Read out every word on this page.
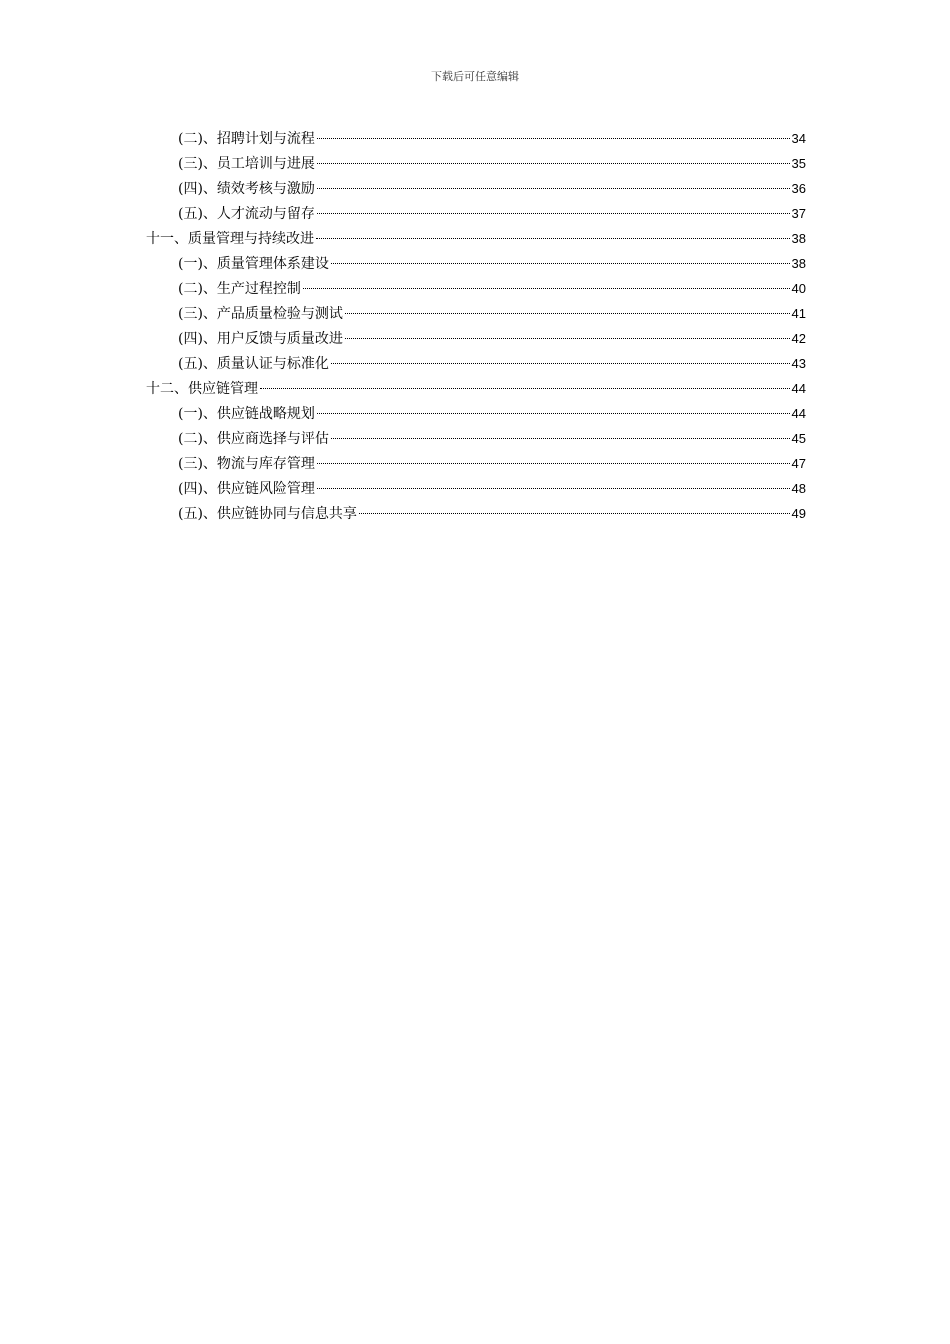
下载后可任意编辑
(二)、招聘计划与流程	34
(三)、员工培训与进展	35
(四)、绩效考核与激励	36
(五)、人才流动与留存	37
十一、质量管理与持续改进	38
(一)、质量管理体系建设	38
(二)、生产过程控制	40
(三)、产品质量检验与测试	41
(四)、用户反馈与质量改进	42
(五)、质量认证与标准化	43
十二、供应链管理	44
(一)、供应链战略规划	44
(二)、供应商选择与评估	45
(三)、物流与库存管理	47
(四)、供应链风险管理	48
(五)、供应链协同与信息共享	49
